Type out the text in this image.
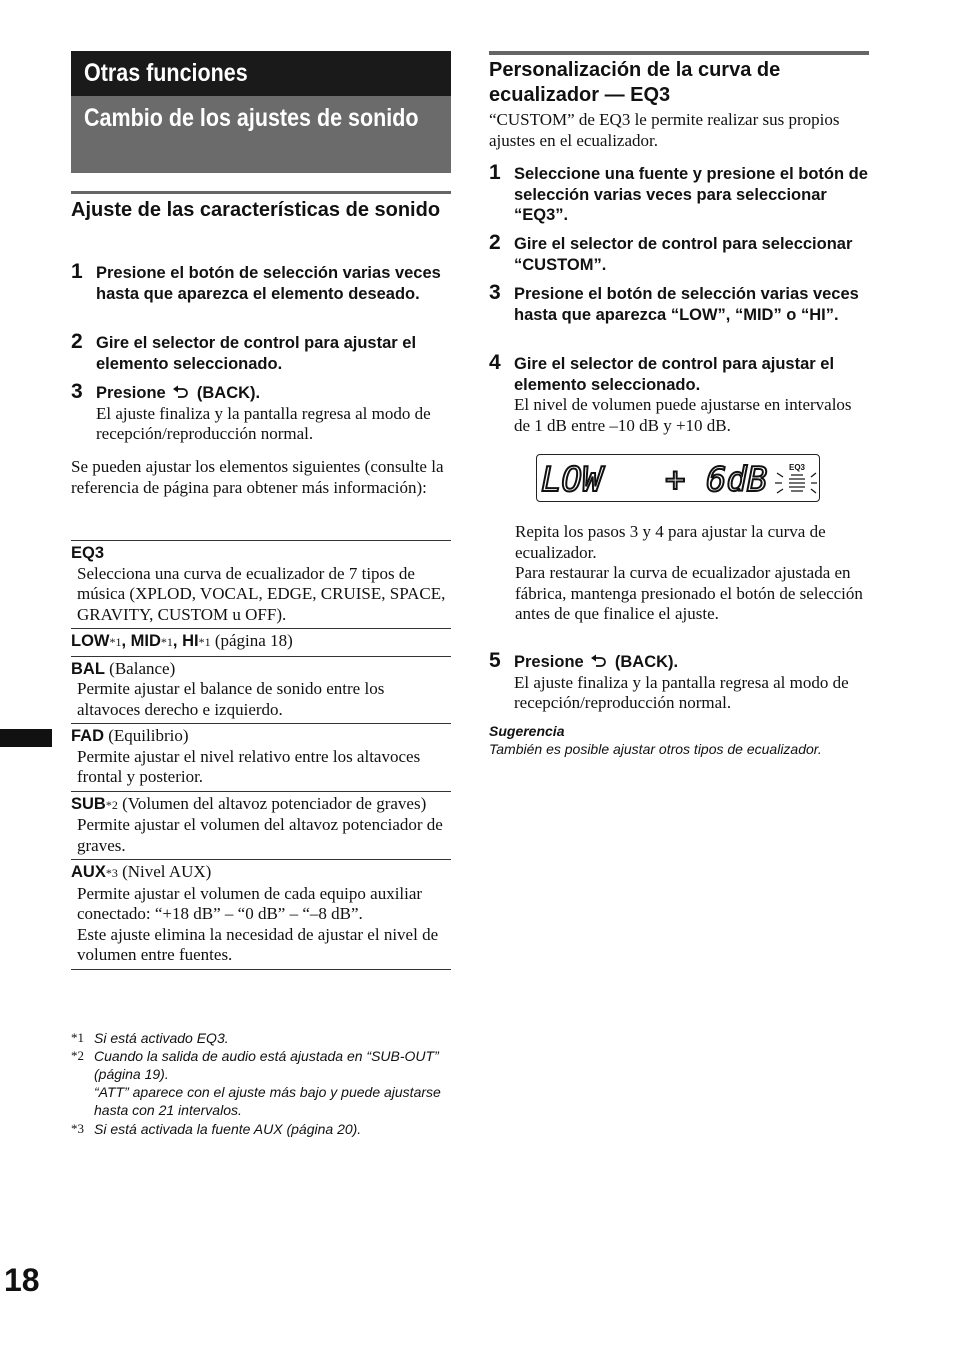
Otras funciones
Cambio de los ajustes de sonido
Ajuste de las características de sonido
1 Presione el botón de selección varias veces hasta que aparezca el elemento deseado.
2 Gire el selector de control para ajustar el elemento seleccionado.
3 Presione (BACK).
El ajuste finaliza y la pantalla regresa al modo de recepción/reproducción normal.
Se pueden ajustar los elementos siguientes (consulte la referencia de página para obtener más información):
EQ3
Selecciona una curva de ecualizador de 7 tipos de música (XPLOD, VOCAL, EDGE, CRUISE, SPACE, GRAVITY, CUSTOM u OFF).
LOW*1, MID*1, HI*1 (página 18)
BAL (Balance)
Permite ajustar el balance de sonido entre los altavoces derecho e izquierdo.
FAD (Equilibrio)
Permite ajustar el nivel relativo entre los altavoces frontal y posterior.
SUB*2 (Volumen del altavoz potenciador de graves)
Permite ajustar el volumen del altavoz potenciador de graves.
AUX*3 (Nivel AUX)
Permite ajustar el volumen de cada equipo auxiliar conectado: “+18 dB” – “0 dB” – “–8 dB”.
Este ajuste elimina la necesidad de ajustar el nivel de volumen entre fuentes.
*1 Si está activado EQ3.
*2 Cuando la salida de audio está ajustada en “SUB-OUT” (página 19).
“ATT” aparece con el ajuste más bajo y puede ajustarse hasta con 21 intervalos.
*3 Si está activada la fuente AUX (página 20).
18
Personalización de la curva de ecualizador — EQ3
“CUSTOM” de EQ3 le permite realizar sus propios ajustes en el ecualizador.
1 Seleccione una fuente y presione el botón de selección varias veces para seleccionar “EQ3”.
2 Gire el selector de control para seleccionar “CUSTOM”.
3 Presione el botón de selección varias veces hasta que aparezca “LOW”, “MID” o “HI”.
4 Gire el selector de control para ajustar el elemento seleccionado.
El nivel de volumen puede ajustarse en intervalos de 1 dB entre –10 dB y +10 dB.
LOW + 6dB	EQ3
Repita los pasos 3 y 4 para ajustar la curva de ecualizador.
Para restaurar la curva de ecualizador ajustada en fábrica, mantenga presionado el botón de selección antes de que finalice el ajuste.
5 Presione (BACK).
El ajuste finaliza y la pantalla regresa al modo de recepción/reproducción normal.
Sugerencia
También es posible ajustar otros tipos de ecualizador.
